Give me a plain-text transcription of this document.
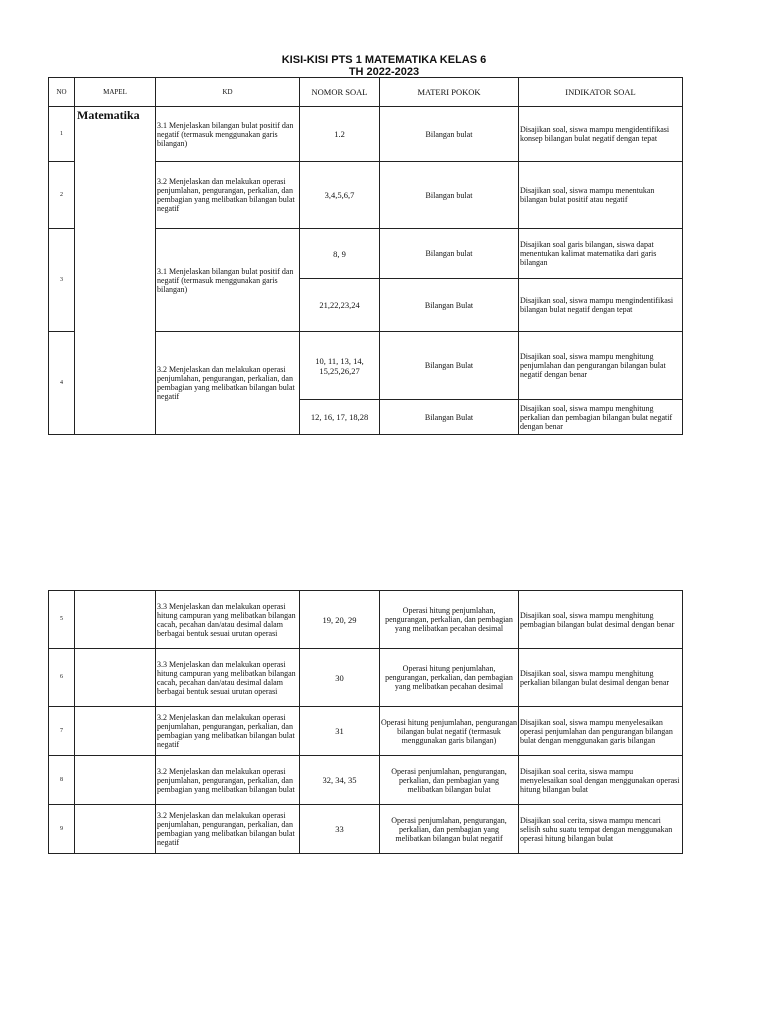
KISI-KISI PTS 1 MATEMATIKA KELAS 6
TH 2022-2023
NO	MAPEL	KD	NOMOR SOAL	MATERI POKOK	INDIKATOR SOAL
1	Matematika	3.1 Menjelaskan bilangan bulat positif dan negatif (termasuk menggunakan garis bilangan)	1.2	Bilangan bulat	Disajikan soal, siswa mampu mengidentifikasi konsep bilangan bulat negatif dengan tepat
2		3.2 Menjelaskan dan melakukan operasi penjumlahan, pengurangan, perkalian, dan pembagian yang melibatkan bilangan bulat negatif	3,4,5,6,7	Bilangan bulat	Disajikan soal, siswa mampu menentukan bilangan bulat positif atau negatif
3		3.1 Menjelaskan bilangan bulat positif dan negatif (termasuk menggunakan garis bilangan)	8, 9	Bilangan bulat	Disajikan soal garis bilangan, siswa dapat menentukan kalimat matematika dari garis bilangan
			21,22,23,24	Bilangan Bulat	Disajikan soal, siswa mampu mengindentifikasi bilangan bulat negatif dengan tepat
4		3.2 Menjelaskan dan melakukan operasi penjumlahan, pengurangan, perkalian, dan pembagian yang melibatkan bilangan bulat negatif	10, 11, 13, 14, 15,25,26,27	Bilangan Bulat	Disajikan soal, siswa mampu menghitung penjumlahan dan pengurangan bilangan bulat negatif dengan benar
			12, 16, 17, 18,28	Bilangan Bulat	Disajikan soal, siswa mampu menghitung perkalian dan pembagian bilangan bulat negatif dengan benar
5		3.3 Menjelaskan dan melakukan operasi hitung campuran yang melibatkan bilangan cacah, pecahan dan/atau desimal dalam berbagai bentuk sesuai urutan operasi	19, 20, 29	Operasi hitung penjumlahan, pengurangan, perkalian, dan pembagian yang melibatkan pecahan desimal	Disajikan soal, siswa mampu menghitung pembagian bilangan bulat desimal dengan benar
6		3.3 Menjelaskan dan melakukan operasi hitung campuran yang melibatkan bilangan cacah, pecahan dan/atau desimal dalam berbagai bentuk sesuai urutan operasi	30	Operasi hitung penjumlahan, pengurangan, perkalian, dan pembagian yang melibatkan pecahan desimal	Disajikan soal, siswa mampu menghitung perkalian bilangan bulat desimal dengan benar
7		3.2 Menjelaskan dan melakukan operasi penjumlahan, pengurangan, perkalian, dan pembagian yang melibatkan bilangan bulat negatif	31	Operasi hitung penjumlahan, pengurangan bilangan bulat negatif (termasuk menggunakan garis bilangan)	Disajikan soal, siswa mampu menyelesaikan operasi penjumlahan dan pengurangan bilangan bulat dengan menggunakan garis bilangan
8		3.2 Menjelaskan dan melakukan operasi penjumlahan, pengurangan, perkalian, dan pembagian yang melibatkan bilangan bulat	32, 34, 35	Operasi penjumlahan, pengurangan, perkalian, dan pembagian yang melibatkan bilangan bulat	Disajikan soal cerita, siswa mampu menyelesaikan soal dengan menggunakan operasi hitung bilangan bulat
9		3.2 Menjelaskan dan melakukan operasi penjumlahan, pengurangan, perkalian, dan pembagian yang melibatkan bilangan bulat negatif	33	Operasi penjumlahan, pengurangan, perkalian, dan pembagian yang melibatkan bilangan bulat negatif	Disajikan soal cerita, siswa mampu mencari selisih suhu suatu tempat dengan menggunakan operasi hitung bilangan bulat
